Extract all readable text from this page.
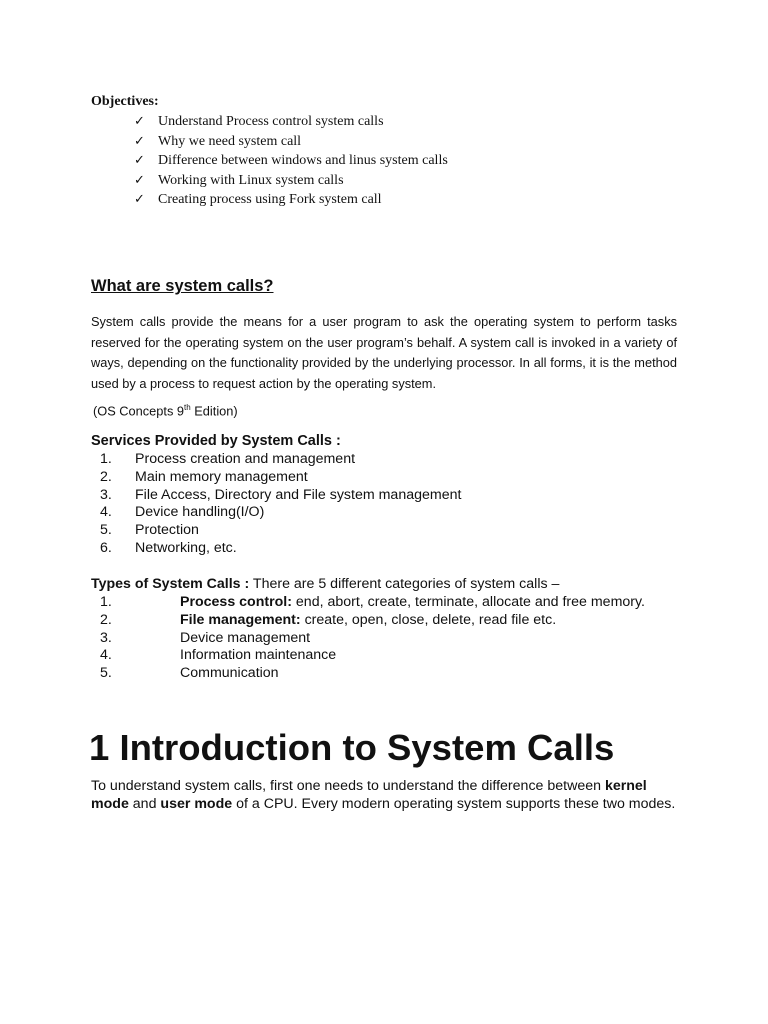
Objectives:
✓ Understand Process control system calls
✓ Why we need system call
✓ Difference between windows and linus system calls
✓ Working with Linux system calls
✓ Creating process using Fork system call
What are system calls?

System calls provide the means for a user program to ask the operating system to perform tasks reserved for the operating system on the user program’s behalf. A system call is invoked in a variety of ways, depending on the functionality provided by the underlying processor. In all forms, it is the method used by a process to request action by the operating system.

(OS Concepts 9th Edition)
Services Provided by System Calls :
1. Process creation and management
2. Main memory management
3. File Access, Directory and File system management
4. Device handling(I/O)
5. Protection
6. Networking, etc.
Types of System Calls : There are 5 different categories of system calls –
1.	Process control: end, abort, create, terminate, allocate and free memory.
2.	File management: create, open, close, delete, read file etc.
3.	Device management
4.	Information maintenance
5.	Communication
1 Introduction to System Calls

To understand system calls, first one needs to understand the difference between kernel mode and user mode of a CPU. Every modern operating system supports these two modes.
